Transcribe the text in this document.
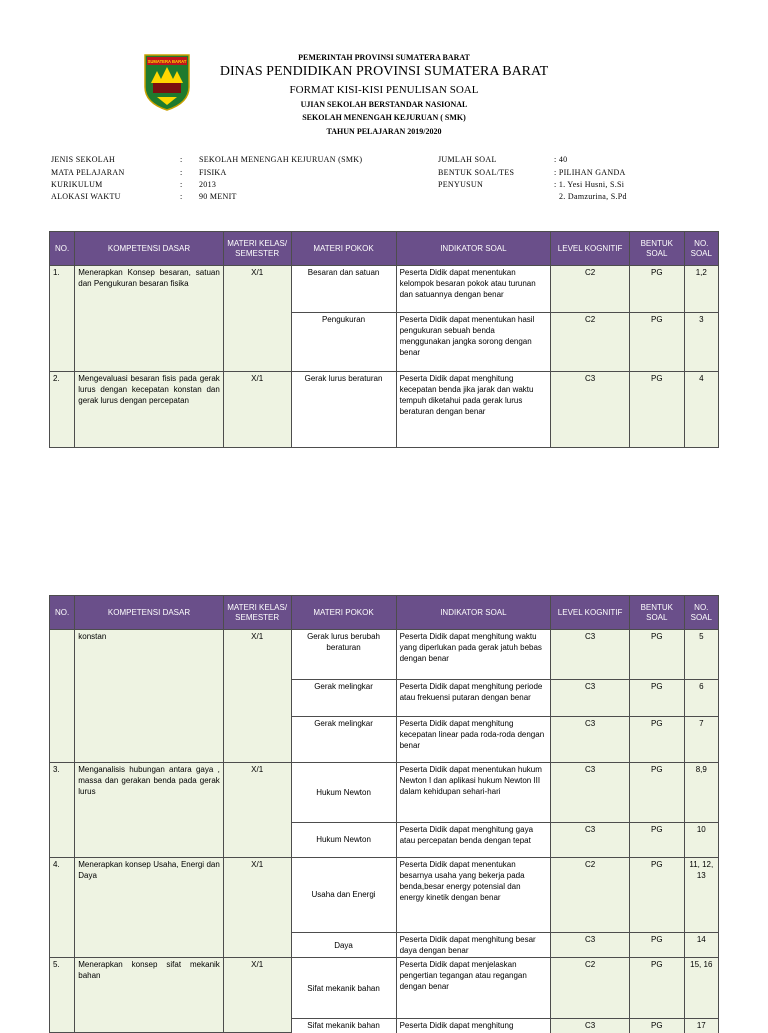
SUMATERA BARAT	PEMERINTAH PROVINSI SUMATERA BARAT
DINAS PENDIDIKAN PROVINSI SUMATERA BARAT
FORMAT KISI-KISI PENULISAN SOAL
UJIAN SEKOLAH BERSTANDAR NASIONAL
SEKOLAH MENENGAH KEJURUAN ( SMK)
TAHUN PELAJARAN 2019/2020
JENIS SEKOLAH	: SEKOLAH MENENGAH KEJURUAN (SMK)
MATA PELAJARAN	: FISIKA
KURIKULUM	: 2013
ALOKASI WAKTU	: 90 MENIT
JUMLAH SOAL	: 40
BENTUK SOAL/TES	: PILIHAN GANDA
PENYUSUN	: 1. Yesi Husni, S.Si
2. Damzurina, S.Pd
NO.	KOMPETENSI DASAR	MATERI KELAS/ SEMESTER	MATERI POKOK	INDIKATOR SOAL	LEVEL KOGNITIF	BENTUK SOAL	NO. SOAL
1.	Menerapkan Konsep besaran, satuan dan Pengukuran besaran fisika	X/1	Besaran dan satuan	Peserta Didik dapat menentukan kelompok besaran pokok atau turunan dan satuannya dengan benar	C2	PG	1,2
			Pengukuran	Peserta Didik dapat menentukan hasil pengukuran sebuah benda menggunakan jangka sorong dengan benar	C2	PG	3
2.	Mengevaluasi besaran fisis pada gerak lurus dengan kecepatan konstan dan gerak lurus dengan percepatan	X/1	Gerak lurus beraturan	Peserta Didik dapat menghitung kecepatan benda jika jarak dan waktu tempuh diketahui pada gerak lurus beraturan dengan benar	C3	PG	4
NO.	KOMPETENSI DASAR	MATERI KELAS/ SEMESTER	MATERI POKOK	INDIKATOR SOAL	LEVEL KOGNITIF	BENTUK SOAL	NO. SOAL
	konstan	X/1	Gerak lurus berubah beraturan	Peserta Didik dapat menghitung waktu yang diperlukan pada gerak jatuh bebas dengan benar	C3	PG	5
			Gerak melingkar	Peserta Didik dapat menghitung periode atau frekuensi putaran dengan benar	C3	PG	6
			Gerak melingkar	Peserta Didik dapat menghitung kecepatan linear pada roda-roda dengan benar	C3	PG	7
3.	Menganalisis hubungan antara gaya , massa dan gerakan benda pada gerak lurus	X/1	Hukum Newton	Peserta Didik dapat menentukan hukum Newton I dan aplikasi hukum Newton III dalam kehidupan sehari-hari	C3	PG	8,9
			Hukum Newton	Peserta Didik dapat menghitung gaya atau percepatan benda dengan tepat	C3	PG	10
4.	Menerapkan konsep Usaha, Energi dan Daya	X/1	Usaha dan Energi	Peserta Didik dapat menentukan besarnya usaha yang bekerja pada benda,besar energy potensial dan energy kinetik dengan benar	C2	PG	11, 12, 13
			Daya	Peserta Didik dapat menghitung besar daya dengan benar	C3	PG	14
5.	Menerapkan konsep sifat mekanik bahan	X/1	Sifat mekanik bahan	Peserta Didik dapat menjelaskan pengertian tegangan atau regangan dengan benar	C2	PG	15, 16
			Sifat mekanik bahan	Peserta Didik dapat menghitung	C3	PG	17
